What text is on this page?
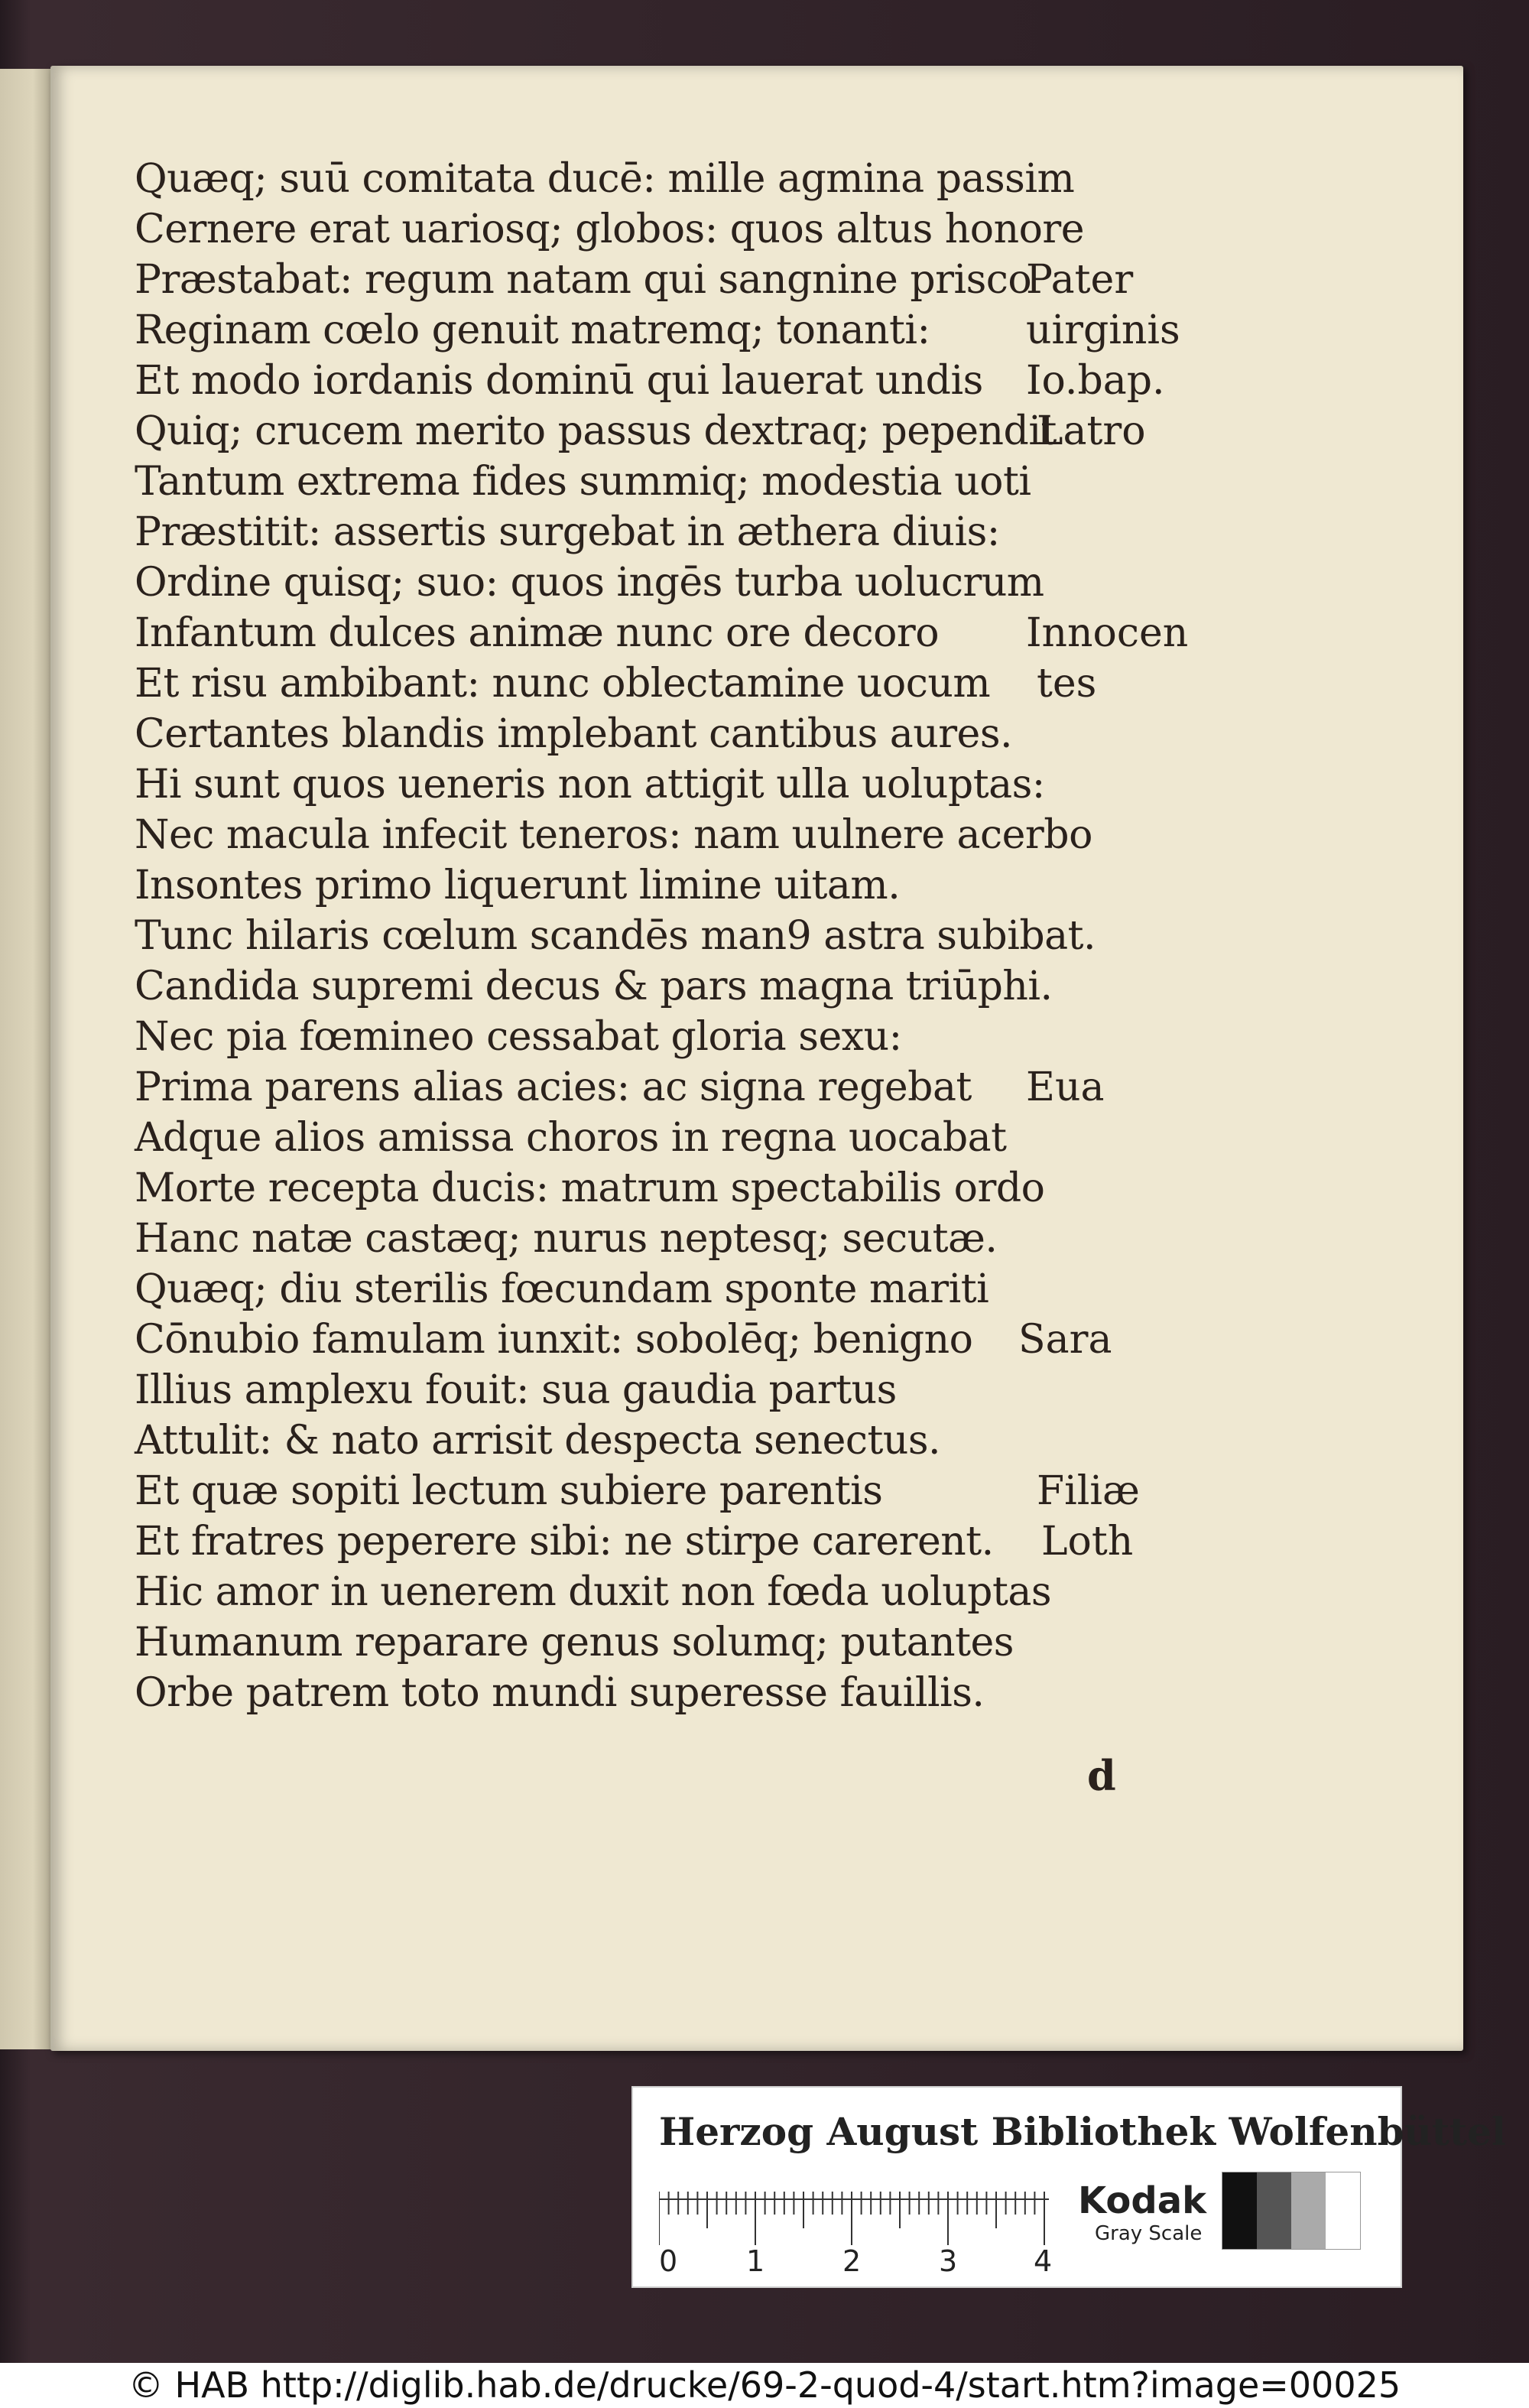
Quæq; suū comitata ducē: mille agmina passim
Cernere erat uariosq; globos: quos altus honore
Præstabat: regum natam qui sangnine prisco
Reginam cœlo genuit matremq; tonanti:
Et modo iordanis dominū qui lauerat undis
Quiq; crucem merito passus dextraq; pependit
Tantum extrema fides summiq; modestia uoti
Præstitit: assertis surgebat in æthera diuis:
Ordine quisq; suo: quos ingēs turba uolucrum
Infantum dulces animæ nunc ore decoro
Et risu ambibant: nunc oblectamine uocum
Certantes blandis implebant cantibus aures.
Hi sunt quos ueneris non attigit ulla uoluptas:
Nec macula infecit teneros: nam uulnere acerbo
Insontes primo liquerunt limine uitam.
Tunc hilaris cœlum scandēs man9 astra subibat.
Candida supremi decus & pars magna triūphi.
Nec pia fœmineo cessabat gloria sexu:
Prima parens alias acies: ac signa regebat
Adque alios amissa choros in regna uocabat
Morte recepta ducis: matrum spectabilis ordo
Hanc natæ castæq; nurus neptesq; secutæ.
Quæq; diu sterilis fœcundam sponte mariti
Cōnubio famulam iunxit: sobolēq; benigno
Illius amplexu fouit: sua gaudia partus
Attulit: & nato arrisit despecta senectus.
Et quæ sopiti lectum subiere parentis
Et fratres peperere sibi: ne stirpe carerent.
Hic amor in uenerem duxit non fœda uoluptas
Humanum reparare genus solumq; putantes
Orbe patrem toto mundi superesse fauillis.
Pater
uirginis
Io.bap.
Latro
Innocen
tes
Eua
Sara
Filiæ
Loth
d
Herzog August Bibliothek Wolfenbüttel
0 1	2	3	4
Kodak
Gray Scale
© HAB http://diglib.hab.de/drucke/69-2-quod-4/start.htm?image=00025
